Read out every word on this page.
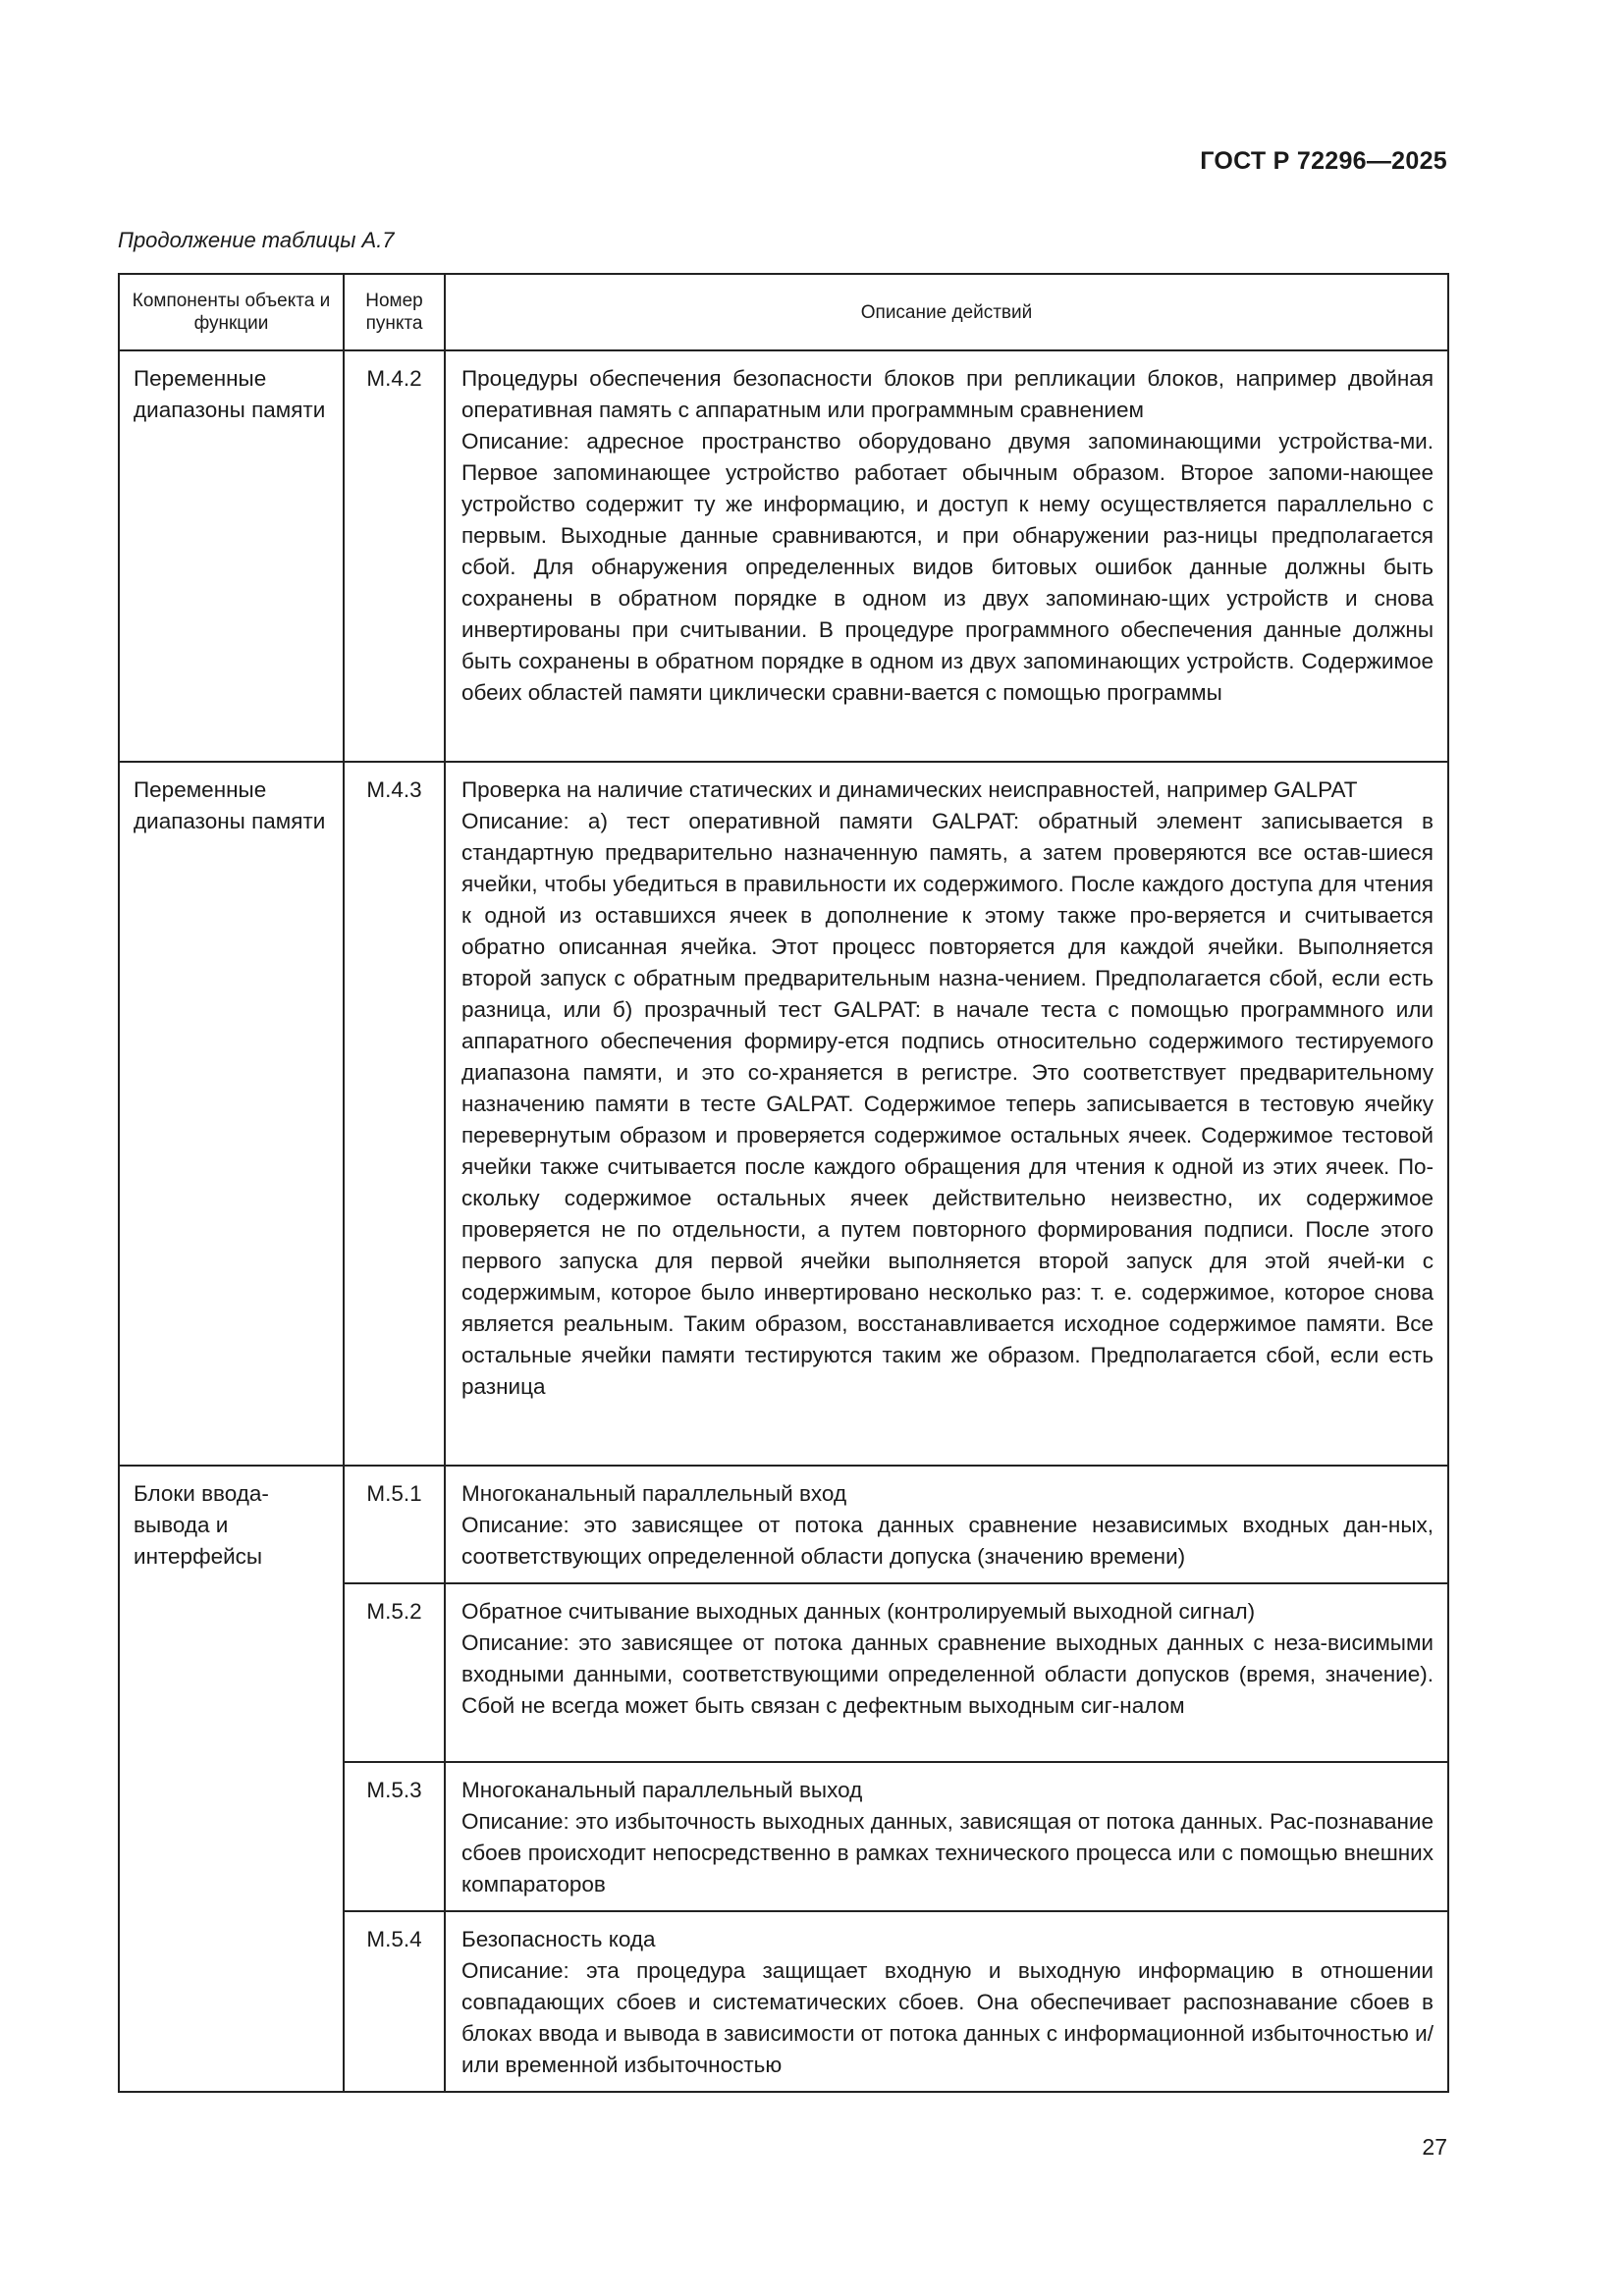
ГОСТ Р 72296—2025
Продолжение таблицы А.7
Компоненты объекта и функции	Номер пункта	Описание действий
Переменные диапазоны памяти	М.4.2	Процедуры обеспечения безопасности блоков при репликации блоков, например двойная оперативная память с аппаратным или программным сравнением
Описание: адресное пространство оборудовано двумя запоминающими устройства-ми. Первое запоминающее устройство работает обычным образом. Второе запоми-нающее устройство содержит ту же информацию, и доступ к нему осуществляется параллельно с первым. Выходные данные сравниваются, и при обнаружении раз-ницы предполагается сбой. Для обнаружения определенных видов битовых ошибок данные должны быть сохранены в обратном порядке в одном из двух запоминаю-щих устройств и снова инвертированы при считывании. В процедуре программного обеспечения данные должны быть сохранены в обратном порядке в одном из двух запоминающих устройств. Содержимое обеих областей памяти циклически сравни-вается с помощью программы

Переменные диапазоны памяти	М.4.3	Проверка на наличие статических и динамических неисправностей, например GALPAT
Описание: а) тест оперативной памяти GALPAT: обратный элемент записывается в стандартную предварительно назначенную память, а затем проверяются все остав-шиеся ячейки, чтобы убедиться в правильности их содержимого. После каждого доступа для чтения к одной из оставшихся ячеек в дополнение к этому также про-веряется и считывается обратно описанная ячейка. Этот процесс повторяется для каждой ячейки. Выполняется второй запуск с обратным предварительным назна-чением. Предполагается сбой, если есть разница, или б) прозрачный тест GALPAT: в начале теста с помощью программного или аппаратного обеспечения формиру-ется подпись относительно содержимого тестируемого диапазона памяти, и это со-храняется в регистре. Это соответствует предварительному назначению памяти в тесте GALPAT. Содержимое теперь записывается в тестовую ячейку перевернутым образом и проверяется содержимое остальных ячеек. Содержимое тестовой ячейки также считывается после каждого обращения для чтения к одной из этих ячеек. По-скольку содержимое остальных ячеек действительно неизвестно, их содержимое проверяется не по отдельности, а путем повторного формирования подписи. После этого первого запуска для первой ячейки выполняется второй запуск для этой ячей-ки с содержимым, которое было инвертировано несколько раз: т. е. содержимое, которое снова является реальным. Таким образом, восстанавливается исходное содержимое памяти. Все остальные ячейки памяти тестируются таким же образом. Предполагается сбой, если есть разница

Блоки ввода-вывода и интерфейсы	М.5.1	Многоканальный параллельный вход
Описание: это зависящее от потока данных сравнение независимых входных дан-ных, соответствующих определенной области допуска (значению времени)

	М.5.2	Обратное считывание выходных данных (контролируемый выходной сигнал)
Описание: это зависящее от потока данных сравнение выходных данных с неза-висимыми входными данными, соответствующими определенной области допусков (время, значение). Сбой не всегда может быть связан с дефектным выходным сиг-налом

	М.5.3	Многоканальный параллельный выход
Описание: это избыточность выходных данных, зависящая от потока данных. Рас-познавание сбоев происходит непосредственно в рамках технического процесса или с помощью внешних компараторов

	М.5.4	Безопасность кода
Описание: эта процедура защищает входную и выходную информацию в отношении совпадающих сбоев и систематических сбоев. Она обеспечивает распознавание сбоев в блоках ввода и вывода в зависимости от потока данных с информационной избыточностью и/или временной избыточностью
27
